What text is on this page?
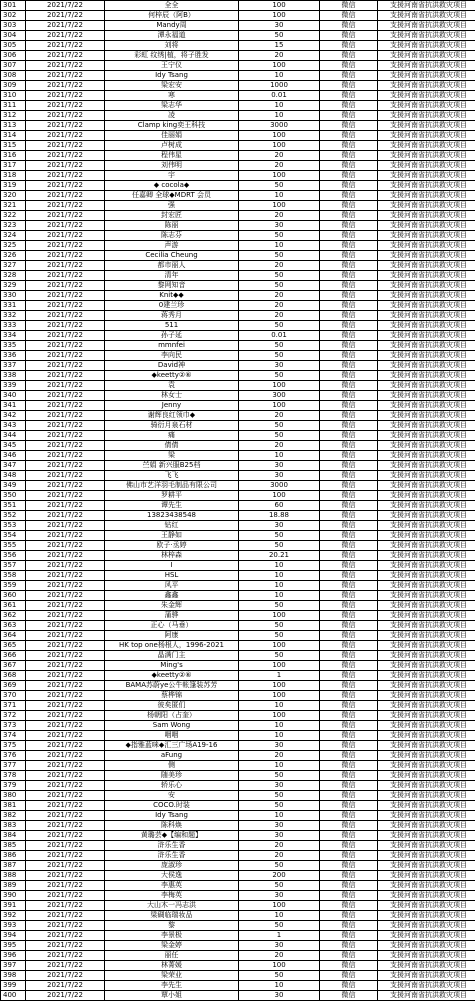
301	2021/7/22	全全	100	微信	支援河南省抗洪救灾项目
302	2021/7/22	何梓辰（阿B）	100	微信	支援河南省抗洪救灾项目
303	2021/7/22	Mandy周	30	微信	支援河南省抗洪救灾项目
304	2021/7/22	潭永福道	50	微信	支援河南省抗洪救灾项目
305	2021/7/22	刘将	15	微信	支援河南省抗洪救灾项目
306	2021/7/22	彩虹 纹绣|植，将子胜发	20	微信	支援河南省抗洪救灾项目
307	2021/7/22	王宁仪	100	微信	支援河南省抗洪救灾项目
308	2021/7/22	Idy Tsang	10	微信	支援河南省抗洪救灾项目
309	2021/7/22	梁宏安	1000	微信	支援河南省抗洪救灾项目
310	2021/7/22	寒	0.01	微信	支援河南省抗洪救灾项目
311	2021/7/22	梁志华	10	微信	支援河南省抗洪救灾项目
312	2021/7/22	凌	10	微信	支援河南省抗洪救灾项目
313	2021/7/22	Clamp king奕王科技	3000	微信	支援河南省抗洪救灾项目
314	2021/7/22	佳丽娟	100	微信	支援河南省抗洪救灾项目
315	2021/7/22	卢树成	100	微信	支援河南省抗洪救灾项目
316	2021/7/22	程伟星	20	微信	支援河南省抗洪救灾项目
317	2021/7/22	刘伟明	20	微信	支援河南省抗洪救灾项目
318	2021/7/22	宇	100	微信	支援河南省抗洪救灾项目
319	2021/7/22	◆ cocola◆	50	微信	支援河南省抗洪救灾项目
320	2021/7/22	任嘉卿 全球◆MDRT 会员	10	微信	支援河南省抗洪救灾项目
321	2021/7/22	强	100	微信	支援河南省抗洪救灾项目
322	2021/7/22	封宏匠	20	微信	支援河南省抗洪救灾项目
323	2021/7/22	陈丽	30	微信	支援河南省抗洪救灾项目
324	2021/7/22	陈志芬	50	微信	支援河南省抗洪救灾项目
325	2021/7/22	声游	10	微信	支援河南省抗洪救灾项目
326	2021/7/22	Cecilia Cheung	50	微信	支援河南省抗洪救灾项目
327	2021/7/22	都市丽人	20	微信	支援河南省抗洪救灾项目
328	2021/7/22	清年	50	微信	支援河南省抗洪救灾项目
329	2021/7/22	黎网知音	50	微信	支援河南省抗洪救灾项目
330	2021/7/22	Knit◆◆	20	微信	支援河南省抗洪救灾项目
331	2021/7/22	0建兰珍	20	微信	支援河南省抗洪救灾项目
332	2021/7/22	蒋秀月	20	微信	支援河南省抗洪救灾项目
333	2021/7/22	511	50	微信	支援河南省抗洪救灾项目
334	2021/7/22	孙子延	0.01	微信	支援河南省抗洪救灾项目
335	2021/7/22	mmnfei	50	微信	支援河南省抗洪救灾项目
336	2021/7/22	李向民	50	微信	支援河南省抗洪救灾项目
337	2021/7/22	David神	30	微信	支援河南省抗洪救灾项目
338	2021/7/22	◆keetty②⑥	50	微信	支援河南省抗洪救灾项目
339	2021/7/22	袁	100	微信	支援河南省抗洪救灾项目
340	2021/7/22	林女士	300	微信	支援河南省抗洪救灾项目
341	2021/7/22	Jenny	100	微信	支援河南省抗洪救灾项目
342	2021/7/22	谢辉良红领巾◆	20	微信	支援河南省抗洪救灾项目
343	2021/7/22	骑衍月泉石材	50	微信	支援河南省抗洪救灾项目
344	2021/7/22	痛	50	微信	支援河南省抗洪救灾项目
345	2021/7/22	倩倩	20	微信	支援河南省抗洪救灾项目
346	2021/7/22	梁	10	微信	支援河南省抗洪救灾项目
347	2021/7/22	苎娟 新兴服B25档	30	微信	支援河南省抗洪救灾项目
348	2021/7/22	飞飞	30	微信	支援河南省抗洪救灾项目
349	2021/7/22	佛山市艺洋羽毛制品有限公司	3000	微信	支援河南省抗洪救灾项目
350	2021/7/22	罗耕平	100	微信	支援河南省抗洪救灾项目
351	2021/7/22	谭先生	60	微信	支援河南省抗洪救灾项目
352	2021/7/22	13823438548	18.88	微信	支援河南省抗洪救灾项目
353	2021/7/22	钻红	30	微信	支援河南省抗洪救灾项目
354	2021/7/22	王静如	50	微信	支援河南省抗洪救灾项目
355	2021/7/22	欧子·丞婷	50	微信	支援河南省抗洪救灾项目
356	2021/7/22	林梓森	20.21	微信	支援河南省抗洪救灾项目
357	2021/7/22	I	10	微信	支援河南省抗洪救灾项目
358	2021/7/22	HSL	10	微信	支援河南省抗洪救灾项目
359	2021/7/22	风平	10	微信	支援河南省抗洪救灾项目
360	2021/7/22	鑫鑫	10	微信	支援河南省抗洪救灾项目
361	2021/7/22	朱金辉	50	微信	支援河南省抗洪救灾项目
362	2021/7/22	蒲骅	100	微信	支援河南省抗洪救灾项目
363	2021/7/22	正心（马垂）	50	微信	支援河南省抗洪救灾项目
364	2021/7/22	阿康	50	微信	支援河南省抗洪救灾项目
365	2021/7/22	HK top one杨根人，1996-2021	100	微信	支援河南省抗洪救灾项目
366	2021/7/22	晶满门主	50	微信	支援河南省抗洪救灾项目
367	2021/7/22	Ming's	100	微信	支援河南省抗洪救灾项目
368	2021/7/22	◆keetty②⑥	1	微信	支援河南省抗洪救灾项目
369	2021/7/22	BAMA苏蔚ye公牛帐篷装苏芳	100	微信	支援河南省抗洪救灾项目
370	2021/7/22	蔡桦锦	100	微信	支援河南省抗洪救灾项目
371	2021/7/22	彼矣匿们	10	微信	支援河南省抗洪救灾项目
372	2021/7/22	杨朝阳（占奎）	100	微信	支援河南省抗洪救灾项目
373	2021/7/22	Sam Wong	10	微信	支援河南省抗洪救灾项目
374	2021/7/22	咽咽	10	微信	支援河南省抗洪救灾项目
375	2021/7/22	◆指雅蓝咪◆汇三广场A19-16	30	微信	支援河南省抗洪救灾项目
376	2021/7/22	aFung	20	微信	支援河南省抗洪救灾项目
377	2021/7/22	侧	10	微信	支援河南省抗洪救灾项目
378	2021/7/22	随美珍	50	微信	支援河南省抗洪救灾项目
379	2021/7/22	轿乐心	30	微信	支援河南省抗洪救灾项目
380	2021/7/22	安	50	微信	支援河南省抗洪救灾项目
381	2021/7/22	COCO.时装	50	微信	支援河南省抗洪救灾项目
382	2021/7/22	Idy Tsang	10	微信	支援河南省抗洪救灾项目
383	2021/7/22	陈科焕	30	微信	支援河南省抗洪救灾项目
384	2021/7/22	黄璐芸◆【编和题】	30	微信	支援河南省抗洪救灾项目
385	2021/7/22	浒乐生香	20	微信	支援河南省抗洪救灾项目
386	2021/7/22	浒乐生香	20	微信	支援河南省抗洪救灾项目
387	2021/7/22	庞淑珍	50	微信	支援河南省抗洪救灾项目
388	2021/7/22	大侯逸	200	微信	支援河南省抗洪救灾项目
389	2021/7/22	李惠英	50	微信	支援河南省抗洪救灾项目
390	2021/7/22	李梅英	30	微信	支援河南省抗洪救灾项目
391	2021/7/22	大山木一冯志洪	100	微信	支援河南省抗洪救灾项目
392	2021/7/22	梁碉临瑞妆品	10	微信	支援河南省抗洪救灾项目
393	2021/7/22	黎	50	微信	支援河南省抗洪救灾项目
394	2021/7/22	李景极	1	微信	支援河南省抗洪救灾项目
395	2021/7/22	梁金婷	30	微信	支援河南省抗洪救灾项目
396	2021/7/22	丽任	20	微信	支援河南省抗洪救灾项目
397	2021/7/22	林菁媛	100	微信	支援河南省抗洪救灾项目
398	2021/7/22	梁荣业	50	微信	支援河南省抗洪救灾项目
399	2021/7/22	李先生	10	微信	支援河南省抗洪救灾项目
400	2021/7/22	覃小姐	30	微信	支援河南省抗洪救灾项目
